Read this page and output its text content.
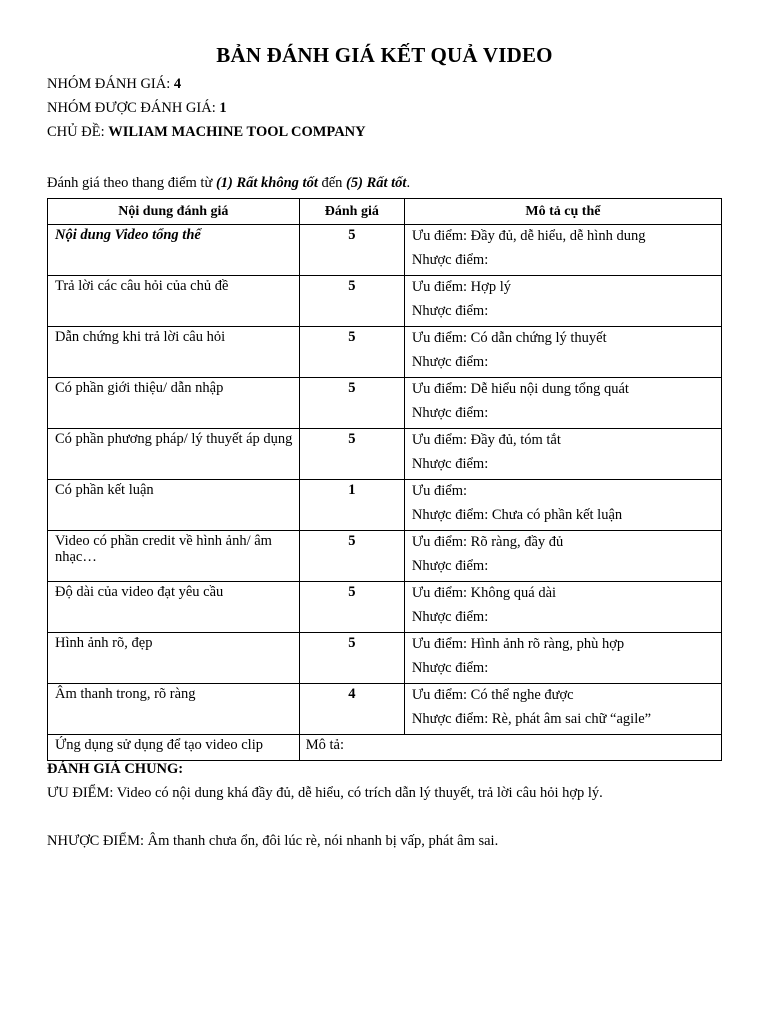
BẢN ĐÁNH GIÁ KẾT QUẢ VIDEO
NHÓM ĐÁNH GIÁ: 4
NHÓM ĐƯỢC ĐÁNH GIÁ: 1
CHỦ ĐỀ: WILIAM MACHINE TOOL COMPANY
Đánh giá theo thang điểm từ (1) Rất không tốt đến (5) Rất tốt.
Nội dung đánh giá	Đánh giá	Mô tả cụ thể
Nội dung Video tổng thể	5	Ưu điểm: Đầy đủ, dễ hiểu, dễ hình dung
Nhược điểm:

Trả lời các câu hỏi của chủ đề	5	Ưu điểm: Hợp lý
Nhược điểm:

Dẫn chứng khi trả lời câu hỏi	5	Ưu điểm: Có dẫn chứng lý thuyết
Nhược điểm:

Có phần giới thiệu/ dẫn nhập	5	Ưu điểm: Dễ hiểu nội dung tổng quát
Nhược điểm:

Có phần phương pháp/ lý thuyết áp dụng	5	Ưu điểm: Đầy đủ, tóm tắt
Nhược điểm:

Có phần kết luận	1	Ưu điểm:
Nhược điểm: Chưa có phần kết luận

Video có phần credit về hình ảnh/ âm nhạc…	5	Ưu điểm: Rõ ràng, đầy đủ
Nhược điểm:

Độ dài của video đạt yêu cầu	5	Ưu điểm: Không quá dài
Nhược điểm:

Hình ảnh rõ, đẹp	5	Ưu điểm: Hình ảnh rõ ràng, phù hợp
Nhược điểm:

Âm thanh trong, rõ ràng	4	Ưu điểm: Có thể nghe được
Nhược điểm: Rè, phát âm sai chữ “agile”

Ứng dụng sử dụng để tạo video clip	Mô tả:	
ĐÁNH GIÁ CHUNG:
ƯU ĐIỂM: Video có nội dung khá đầy đủ, dễ hiểu, có trích dẫn lý thuyết, trả lời câu hỏi hợp lý.
NHƯỢC ĐIỂM: Âm thanh chưa ổn, đôi lúc rè, nói nhanh bị vấp, phát âm sai.
